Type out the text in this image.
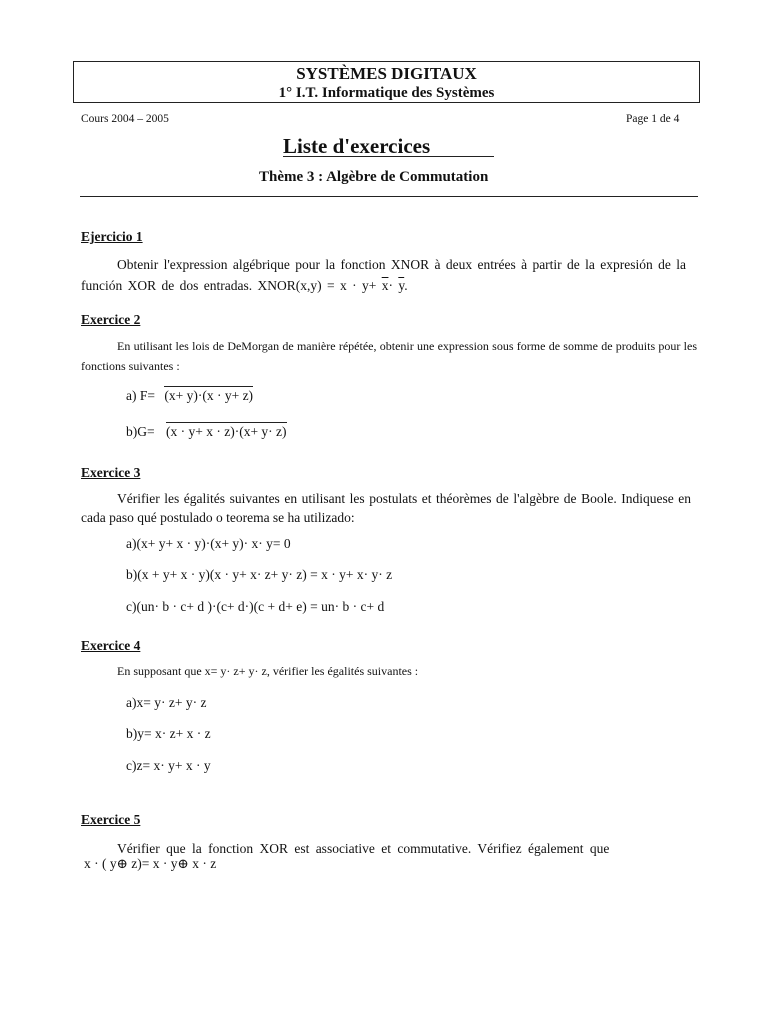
SYSTÈMES DIGITAUX
1° I.T. Informatique des Systèmes
Cours 2004 – 2005	Page 1 de 4
Liste d'exercices
Thème 3 : Algèbre de Commutation
Ejercicio 1
Obtenir l'expression algébrique pour la fonction XNOR à deux entrées à partir de la expresión de la función XOR de dos entradas. XNOR(x,y) = $x \cdot y+ \overline{x}\cdot \overline{y}$.
Exercice 2
En utilisant les lois de DeMorgan de manière répétée, obtenir une expression sous forme de somme de produits pour les fonctions suivantes :
a) F= (x+ y)·(x · y+ z)
b)G= (x · y+ x · z)·(x+ y· z)
Exercice 3
Vérifier les égalités suivantes en utilisant les postulats et théorèmes de l'algèbre de Boole. Indiquese en cada paso qué postulado o teorema se ha utilizado:
a)(x+ y+ x · y)·(x+ y)· x· y= 0
b)(x + y+ x · y)(x · y+ x· z+ y· z) = x · y+ x· y· z
c)(un· b · c+ d )·(c+ d·)(c + d+ e) = un· b · c+ d
Exercice 4
En supposant que x= y· z+ y· z, vérifier les égalités suivantes :
a)x= y· z+ y· z
b)y= x· z+ x · z
c)z= x· y+ x · y
Exercice 5
Vérifier que la fonction XOR est associative et commutative. Vérifiez également que
x · ( y⊕ z)= x · y⊕ x · z
